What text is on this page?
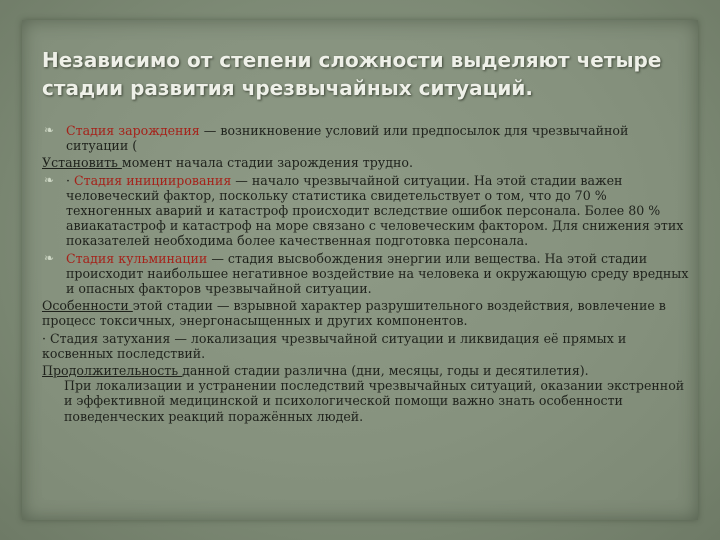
Независимо от степени сложности выделяют четыре стадии развития чрезвычайных ситуаций.

❧ Стадия зарождения — возникновение условий или предпосылок для чрезвычайной ситуации (

Установить момент начала стадии зарождения трудно.

❧ · Стадия инициирования — начало чрезвычайной ситуации. На этой стадии важен человеческий фактор, поскольку статистика свидетельствует о том, что до 70 % техногенных аварий и катастроф происходит вследствие ошибок персонала. Более 80 % авиакатастроф и катастроф на море связано с человеческим фактором. Для снижения этих показателей необходима более качественная подготовка персонала.

❧ Стадия кульминации — стадия высвобождения энергии или вещества. На этой стадии происходит наибольшее негативное воздействие на человека и окружающую среду вредных и опасных факторов чрезвычайной ситуации.

Особенности этой стадии — взрывной характер разрушительного воздействия, вовлечение в процесс токсичных, энергонасыщенных и других компонентов.

· Стадия затухания — локализация чрезвычайной ситуации и ликвидация её прямых и косвенных последствий.

Продолжительность данной стадии различна (дни, месяцы, годы и десятилетия).
При локализации и устранении последствий чрезвычайных ситуаций, оказании экстренной и эффективной медицинской и психологической помощи важно знать особенности поведенческих реакций поражённых людей.
